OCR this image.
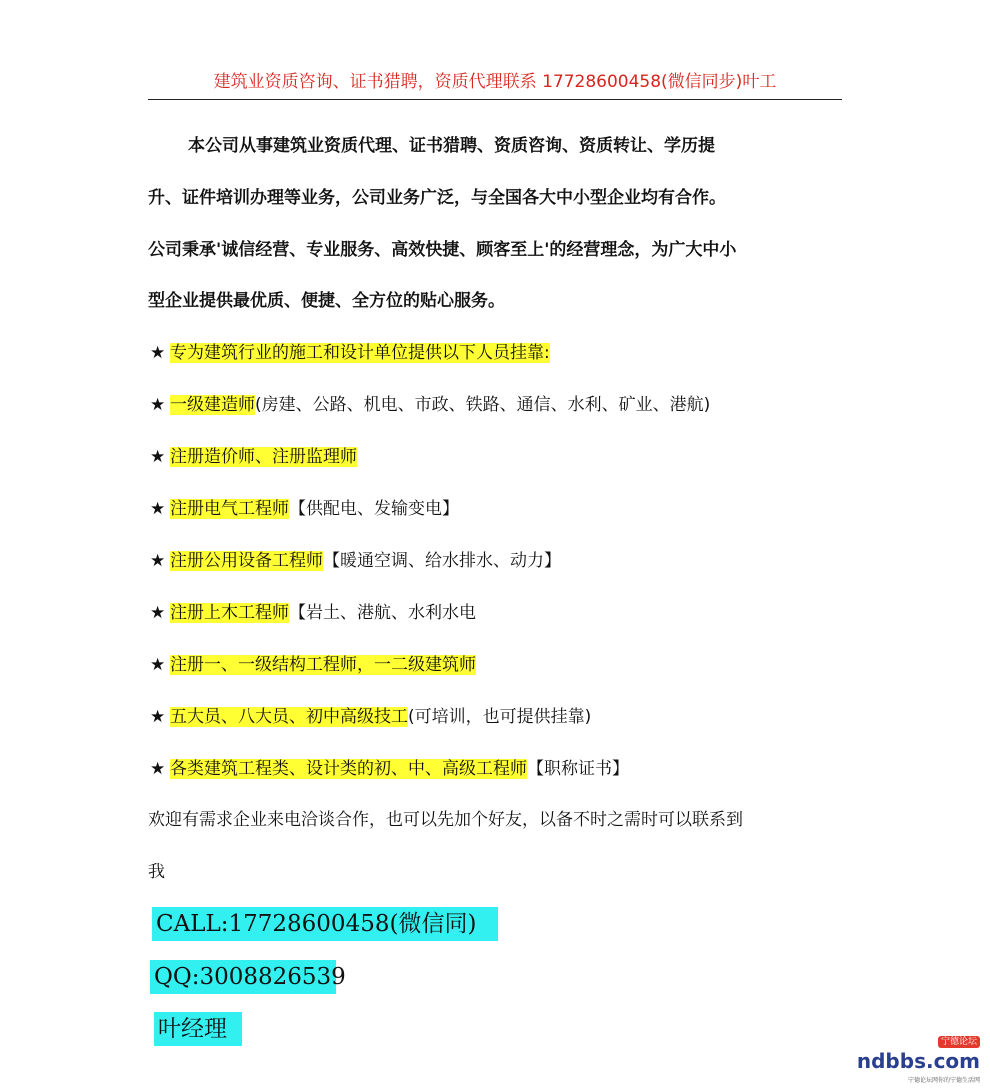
建筑业资质咨询、证书猎聘，资质代理联系 17728600458(微信同步)叶工
本公司从事建筑业资质代理、证书猎聘、资质咨询、资质转让、学历提
升、证件培训办理等业务，公司业务广泛，与全国各大中小型企业均有合作。
公司秉承'诚信经营、专业服务、高效快捷、顾客至上'的经营理念，为广大中小
型企业提供最优质、便捷、全方位的贴心服务。
★ 专为建筑行业的施工和设计单位提供以下人员挂靠:
★ 一级建造师(房建、公路、机电、市政、铁路、通信、水利、矿业、港航)
★ 注册造价师、注册监理师
★ 注册电气工程师【供配电、发输变电】
★ 注册公用设备工程师【暖通空调、给水排水、动力】
★ 注册上木工程师【岩土、港航、水利水电
★ 注册一、一级结构工程师，一二级建筑师
★ 五大员、八大员、初中高级技工(可培训，也可提供挂靠)
★ 各类建筑工程类、设计类的初、中、高级工程师【职称证书】
欢迎有需求企业来电洽谈合作，也可以先加个好友，以备不时之需时可以联系到
我
CALL:17728600458(微信同)
QQ:3008826539
叶经理	宁德论坛
ndbbs.com
宁德论坛网你的宁德生活网
